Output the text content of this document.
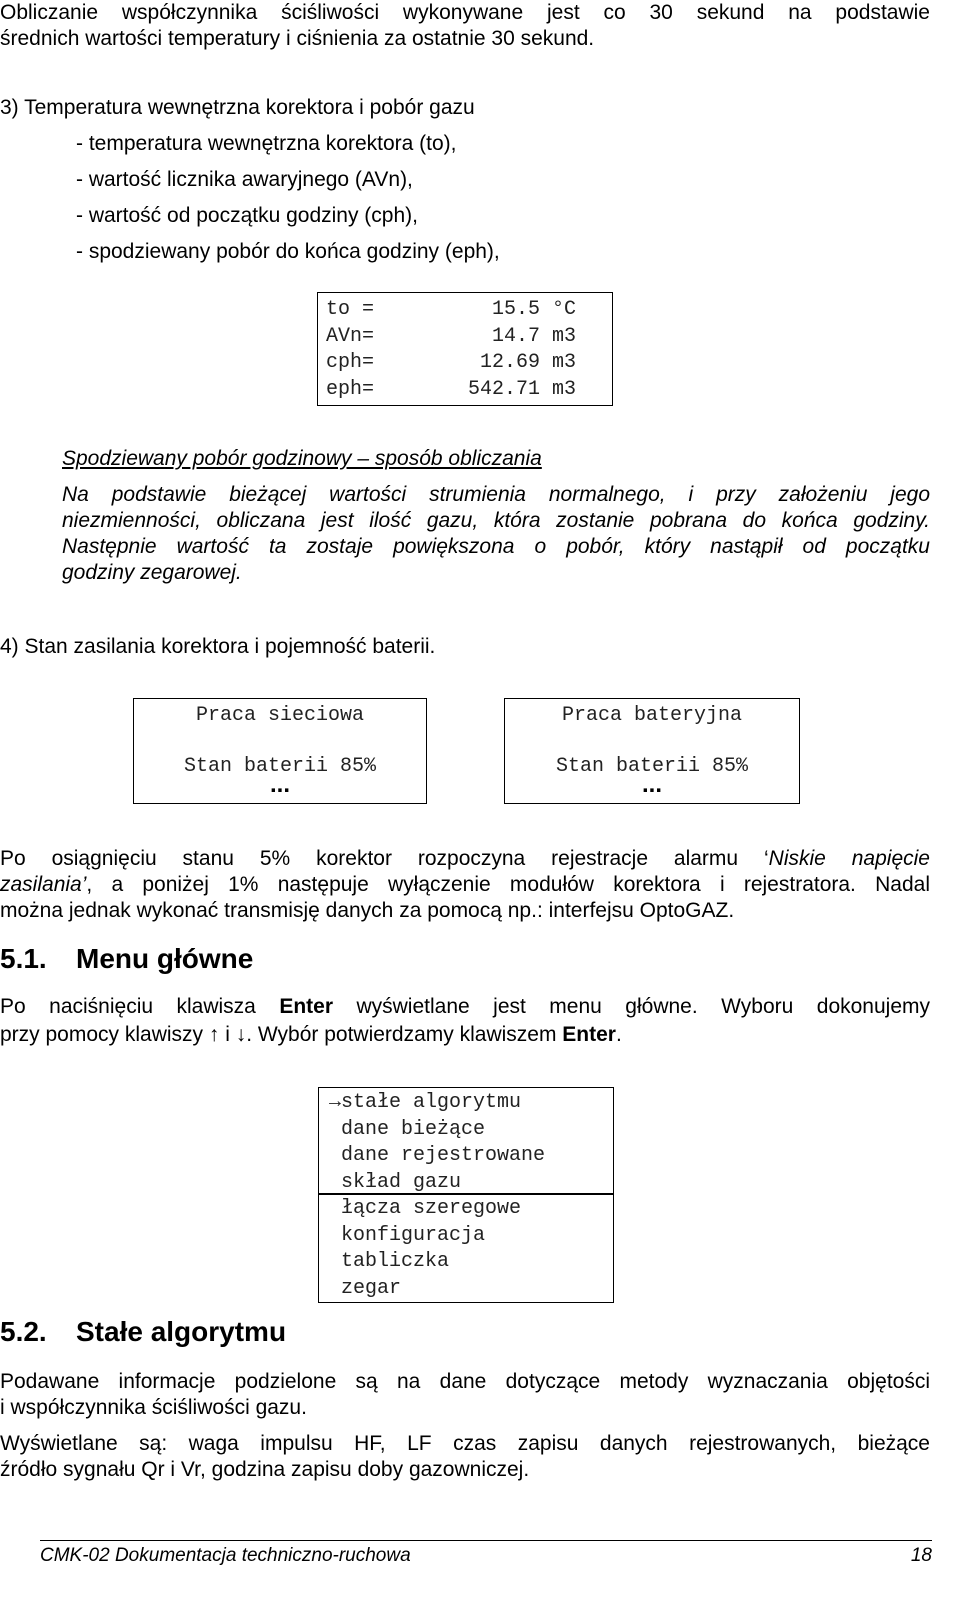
Obliczanie współczynnika ściśliwości wykonywane jest co 30 sekund na podstawie
średnich wartości temperatury i ciśnienia za ostatnie 30 sekund.
3) Temperatura wewnętrzna korektora i pobór gazu
- temperatura wewnętrzna korektora (to),
- wartość licznika awaryjnego (AVn),
- wartość od początku godziny (cph),
- spodziewany pobór do końca godziny (eph),
to =	15.5 °C
AVn=	14.7 m3
cph=	12.69 m3
eph=	542.71 m3
Spodziewany pobór godzinowy – sposób obliczania
Na podstawie bieżącej wartości strumienia normalnego, i przy założeniu jego
niezmienności, obliczana jest ilość gazu, która zostanie pobrana do końca godziny.
Następnie wartość ta zostaje powiększona o pobór, który nastąpił od początku
godziny zegarowej.
4) Stan zasilania korektora i pojemność baterii.
Praca sieciowa
Stan baterii 85%
...
Praca bateryjna
Stan baterii 85%
...
Po osiągnięciu stanu 5% korektor rozpoczyna rejestracje alarmu ‘Niskie napięcie
zasilania’, a poniżej 1% następuje wyłączenie modułów korektora i rejestratora. Nadal
można jednak wykonać transmisję danych za pomocą np.: interfejsu OptoGAZ.
5.1. Menu główne
Po naciśnięciu klawisza Enter wyświetlane jest menu główne. Wyboru dokonujemy
przy pomocy klawiszy ↑ i ↓. Wybór potwierdzamy klawiszem Enter.
→ stałe algorytmu
dane bieżące
dane rejestrowane
skład gazu
łącza szeregowe
konfiguracja
tabliczka
zegar
5.2. Stałe algorytmu
Podawane informacje podzielone są na dane dotyczące metody wyznaczania objętości
i współczynnika ściśliwości gazu.
Wyświetlane są: waga impulsu HF, LF czas zapisu danych rejestrowanych, bieżące
źródło sygnału Qr i Vr, godzina zapisu doby gazowniczej.
CMK-02 Dokumentacja techniczno-ruchowa	18
